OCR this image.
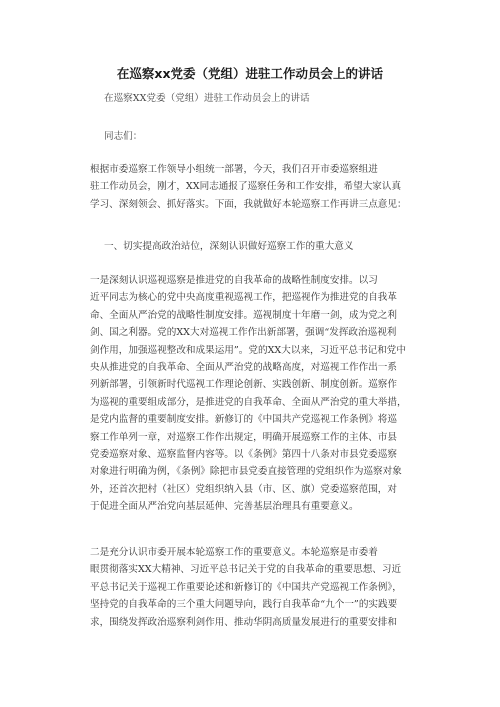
在巡察xx党委（党组）进驻工作动员会上的讲话
在巡察XX党委（党组）进驻工作动员会上的讲话
同志们：

根据市委巡察工作领导小组统一部署，今天，我们召开市委巡察组进
驻工作动员会，刚才，XX同志通报了巡察任务和工作安排，希望大家认真
学习、深刻领会、抓好落实。下面，我就做好本轮巡察工作再讲三点意见：

一、切实提高政治站位，深刻认识做好巡察工作的重大意义

一是深刻认识巡视巡察是推进党的自我革命的战略性制度安排。以习
近平同志为核心的党中央高度重视巡视工作，把巡视作为推进党的自我革
命、全面从严治党的战略性制度安排。巡视制度十年磨一剑，成为党之利
剑、国之利器。党的XX大对巡视工作作出新部署，强调“发挥政治巡视利
剑作用，加强巡视整改和成果运用”。党的XX大以来，习近平总书记和党中
央从推进党的自我革命、全面从严治党的战略高度，对巡视工作作出一系
列新部署，引领新时代巡视工作理论创新、实践创新、制度创新。巡察作
为巡视的重要组成部分，是推进党的自我革命、全面从严治党的重大举措，
是党内监督的重要制度安排。新修订的《中国共产党巡视工作条例》将巡
察工作单列一章，对巡察工作作出规定，明确开展巡察工作的主体、市县
党委巡察对象、巡察监督内容等。以《条例》第四十八条对市县党委巡察
对象进行明确为例，《条例》除把市县党委直接管理的党组织作为巡察对象
外，还首次把村（社区）党组织纳入县（市、区、旗）党委巡察范围，对
于促进全面从严治党向基层延伸、完善基层治理具有重要意义。

二是充分认识市委开展本轮巡察工作的重要意义。本轮巡察是市委着
眼贯彻落实XX大精神、习近平总书记关于党的自我革命的重要思想、习近
平总书记关于巡视工作重要论述和新修订的《中国共产党巡视工作条例》，
坚持党的自我革命的三个重大问题导向，践行自我革命“九个一”的实践要
求，围绕发挥政治巡察利剑作用、推动华阴高质量发展进行的重要安排和
